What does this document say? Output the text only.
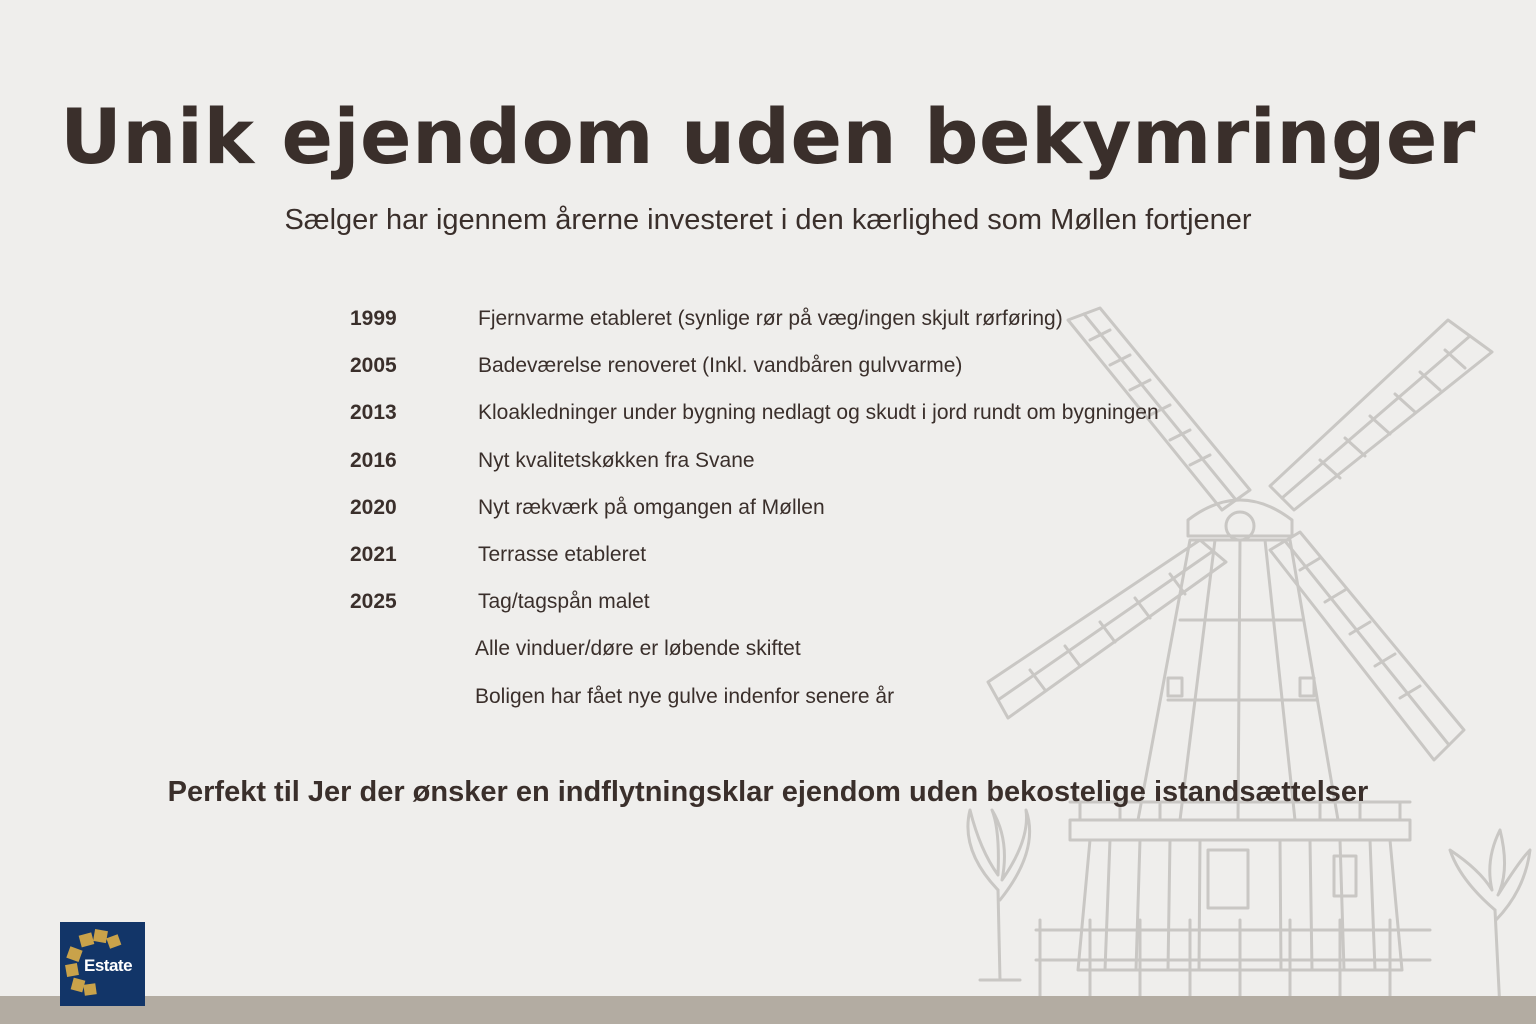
Unik ejendom uden bekymringer
Sælger har igennem årerne investeret i den kærlighed som Møllen fortjener
1999	Fjernvarme etableret (synlige rør på væg/ingen skjult rørføring)
2005	Badeværelse renoveret (Inkl. vandbåren gulvvarme)
2013	Kloakledninger under bygning nedlagt og skudt i jord rundt om bygningen
2016	Nyt kvalitetskøkken fra Svane
2020	Nyt rækværk på omgangen af Møllen
2021	Terrasse etableret
2025	Tag/tagspån malet
Alle vinduer/døre er løbende skiftet
Boligen har fået nye gulve indenfor senere år
Perfekt til Jer der ønsker en indflytningsklar ejendom uden bekostelige istandsættelser
Estate
